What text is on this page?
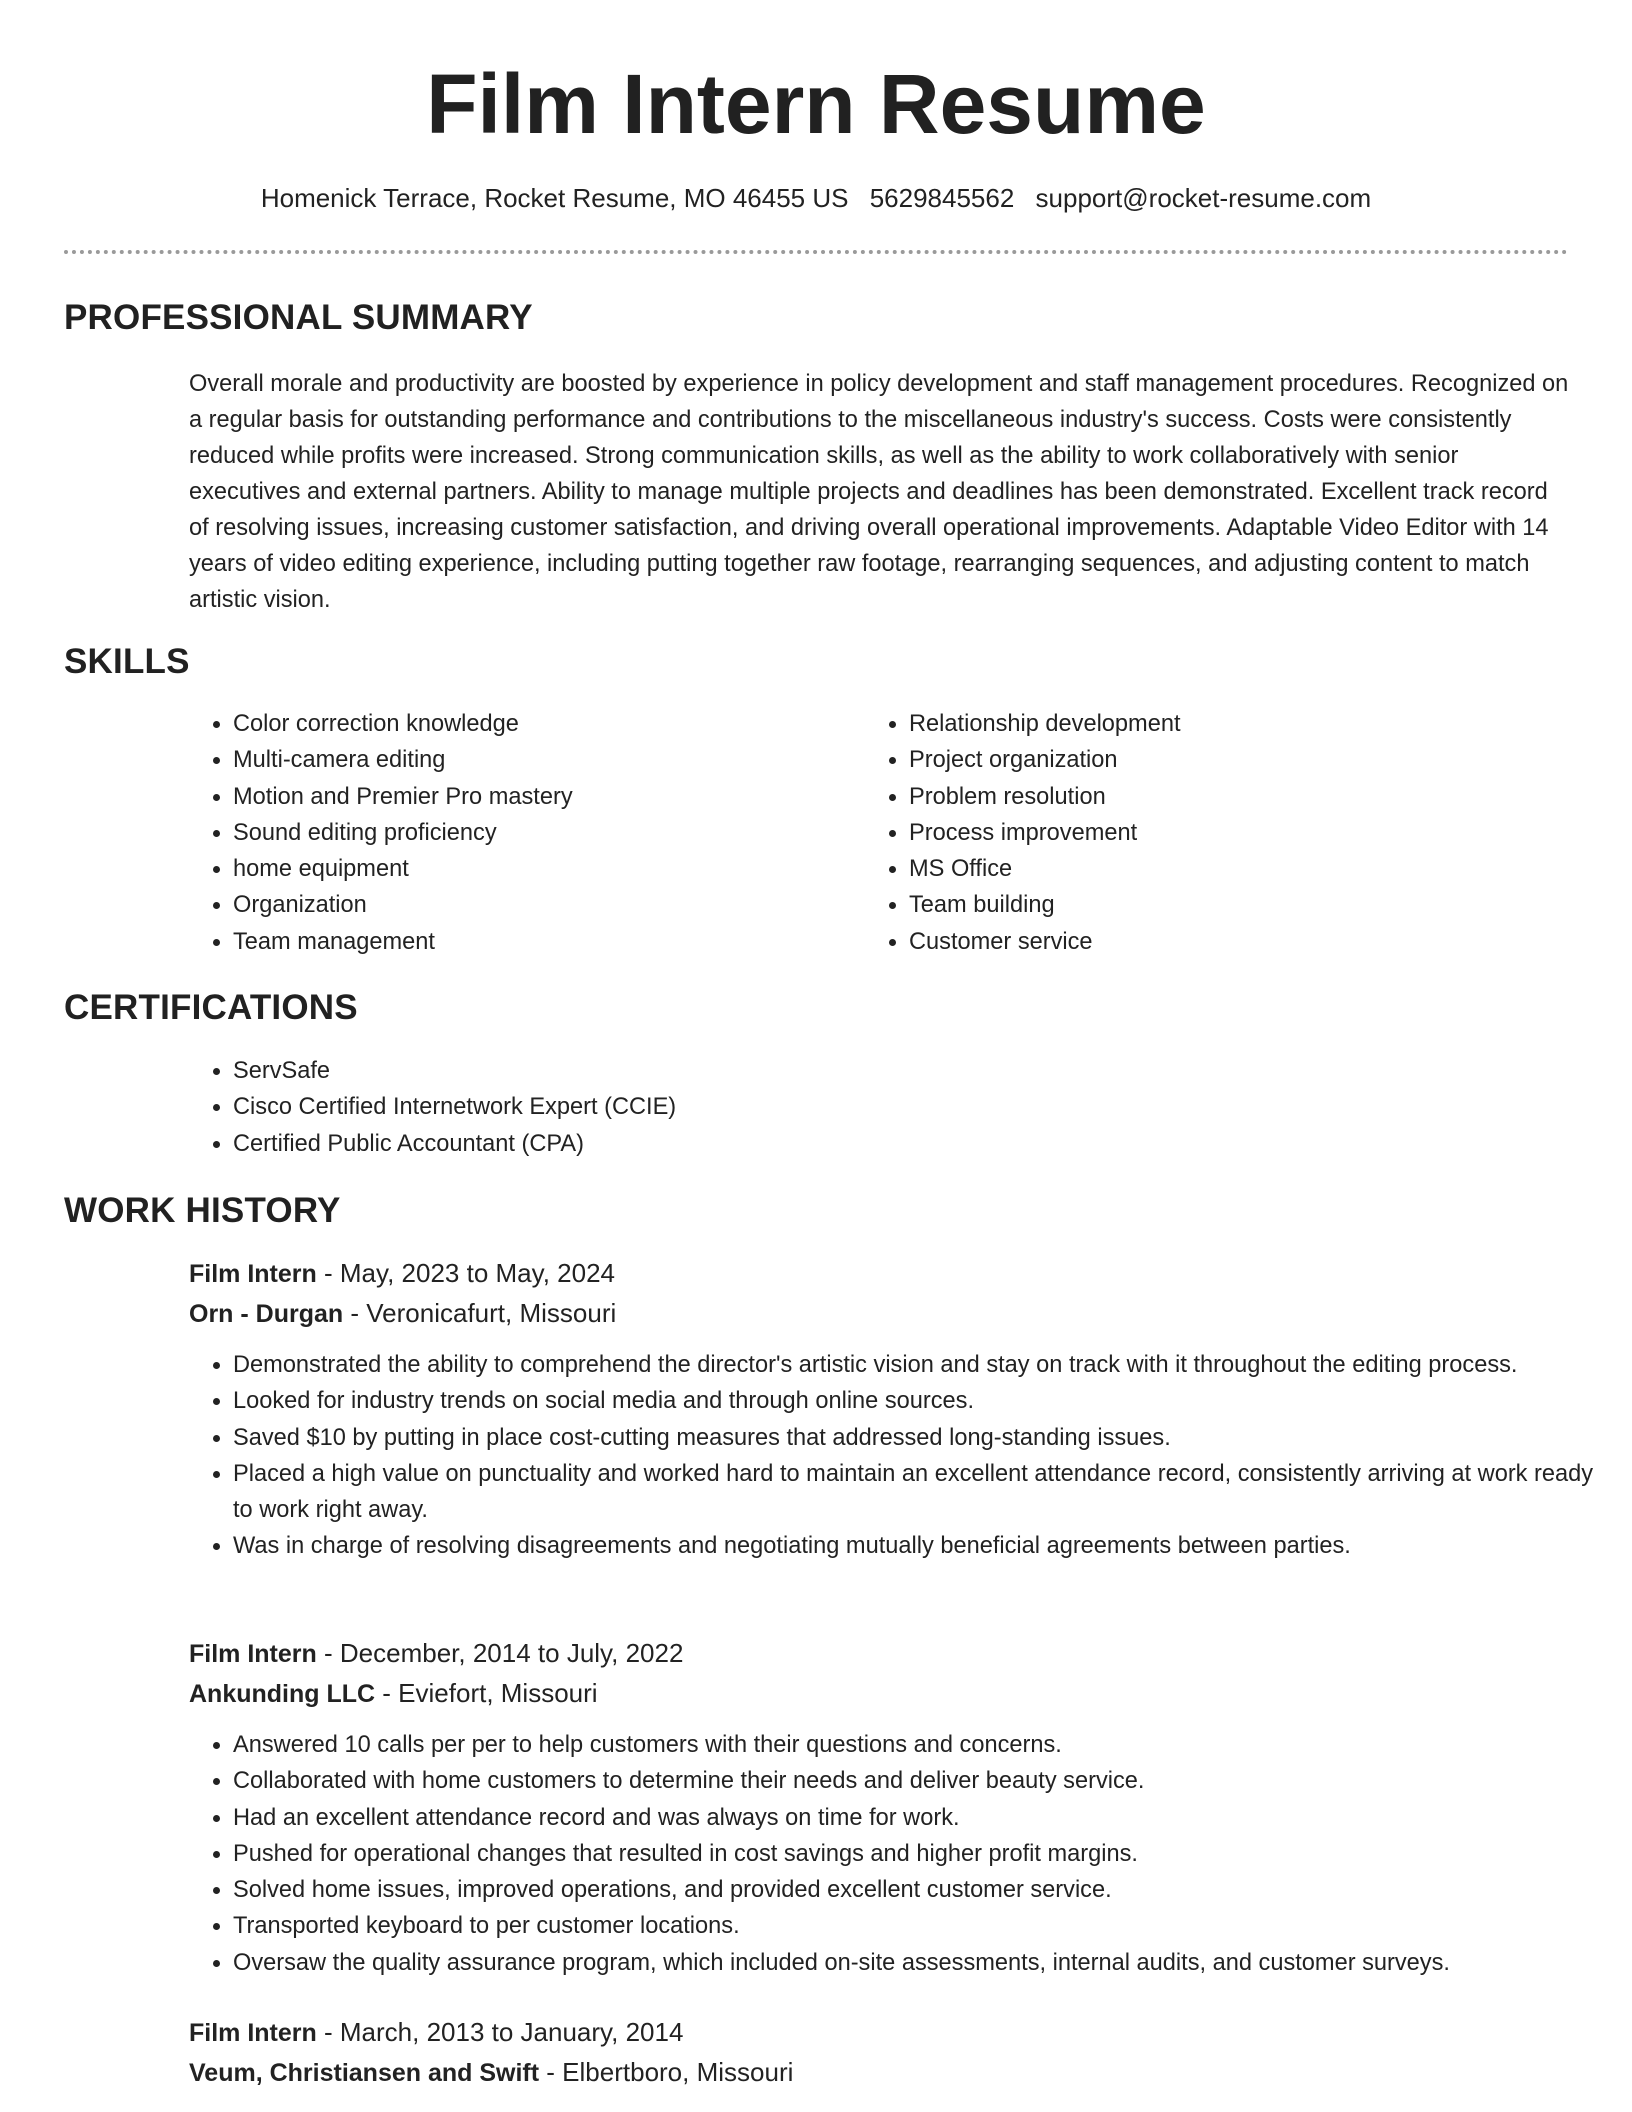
Film Intern Resume
Homenick Terrace, Rocket Resume, MO 46455 US 5629845562 support@rocket-resume.com
PROFESSIONAL SUMMARY

Overall morale and productivity are boosted by experience in policy development and staff management procedures. Recognized on a regular basis for outstanding performance and contributions to the miscellaneous industry's success. Costs were consistently reduced while profits were increased. Strong communication skills, as well as the ability to work collaboratively with senior executives and external partners. Ability to manage multiple projects and deadlines has been demonstrated. Excellent track record of resolving issues, increasing customer satisfaction, and driving overall operational improvements. Adaptable Video Editor with 14 years of video editing experience, including putting together raw footage, rearranging sequences, and adjusting content to match artistic vision.

SKILLS
• Color correction knowledge
• Multi-camera editing
• Motion and Premier Pro mastery
• Sound editing proficiency
• home equipment
• Organization
• Team management
• Relationship development
• Project organization
• Problem resolution
• Process improvement
• MS Office
• Team building
• Customer service
CERTIFICATIONS
• ServSafe
• Cisco Certified Internetwork Expert (CCIE)
• Certified Public Accountant (CPA)
WORK HISTORY
Film Intern - May, 2023 to May, 2024
Orn - Durgan - Veronicafurt, Missouri
• Demonstrated the ability to comprehend the director's artistic vision and stay on track with it throughout the editing process.
• Looked for industry trends on social media and through online sources.
• Saved $10 by putting in place cost-cutting measures that addressed long-standing issues.
• Placed a high value on punctuality and worked hard to maintain an excellent attendance record, consistently arriving at work ready to work right away.
• Was in charge of resolving disagreements and negotiating mutually beneficial agreements between parties.
Film Intern - December, 2014 to July, 2022
Ankunding LLC - Eviefort, Missouri
• Answered 10 calls per per to help customers with their questions and concerns.
• Collaborated with home customers to determine their needs and deliver beauty service.
• Had an excellent attendance record and was always on time for work.
• Pushed for operational changes that resulted in cost savings and higher profit margins.
• Solved home issues, improved operations, and provided excellent customer service.
• Transported keyboard to per customer locations.
• Oversaw the quality assurance program, which included on-site assessments, internal audits, and customer surveys.
Film Intern - March, 2013 to January, 2014
Veum, Christiansen and Swift - Elbertboro, Missouri
